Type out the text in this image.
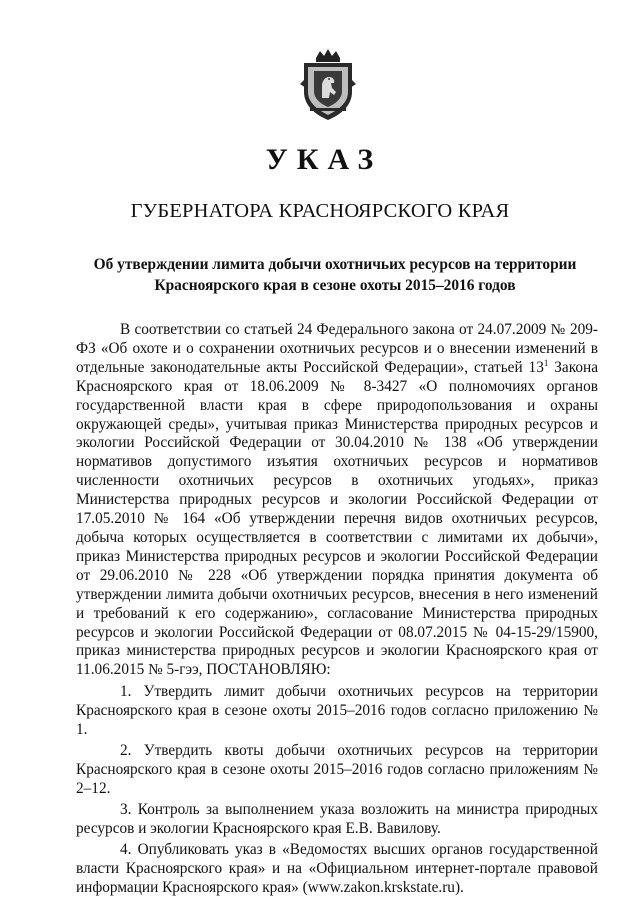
УКАЗ
ГУБЕРНАТОРА КРАСНОЯРСКОГО КРАЯ
Об утверждении лимита добычи охотничьих ресурсов на территории
Красноярского края в сезоне охоты 2015–2016 годов

В соответствии со статьей 24 Федерального закона от 24.07.2009 № 209-ФЗ «Об охоте и о сохранении охотничьих ресурсов и о внесении изменений в отдельные законодательные акты Российской Федерации», статьей $13^1$ Закона Красноярского края от 18.06.2009 № 8-3427 «О полномочиях органов государственной власти края в сфере природопользования и охраны окружающей среды», учитывая приказ Министерства природных ресурсов и экологии Российской Федерации от 30.04.2010 № 138 «Об утверждении нормативов допустимого изъятия охотничьих ресурсов и нормативов численности охотничьих ресурсов в охотничьих угодьях», приказ Министерства природных ресурсов и экологии Российской Федерации от 17.05.2010 № 164 «Об утверждении перечня видов охотничьих ресурсов, добыча которых осуществляется в соответствии с лимитами их добычи», приказ Министерства природных ресурсов и экологии Российской Федерации от 29.06.2010 № 228 «Об утверждении порядка принятия документа об утверждении лимита добычи охотничьих ресурсов, внесения в него изменений и требований к его содержанию», согласование Министерства природных ресурсов и экологии Российской Федерации от 08.07.2015 № 04-15-29/15900, приказ министерства природных ресурсов и экологии Красноярского края от 11.06.2015 № 5-гээ, ПОСТАНОВЛЯЮ:

1. Утвердить лимит добычи охотничьих ресурсов на территории Красноярского края в сезоне охоты 2015–2016 годов согласно приложению № 1.

2. Утвердить квоты добычи охотничьих ресурсов на территории Красноярского края в сезоне охоты 2015–2016 годов согласно приложениям № 2–12.

3. Контроль за выполнением указа возложить на министра природных ресурсов и экологии Красноярского края Е.В. Вавилову.

4. Опубликовать указ в «Ведомостях высших органов государственной власти Красноярского края» и на «Официальном интернет-портале правовой информации Красноярского края» (www.zakon.krskstate.ru).
